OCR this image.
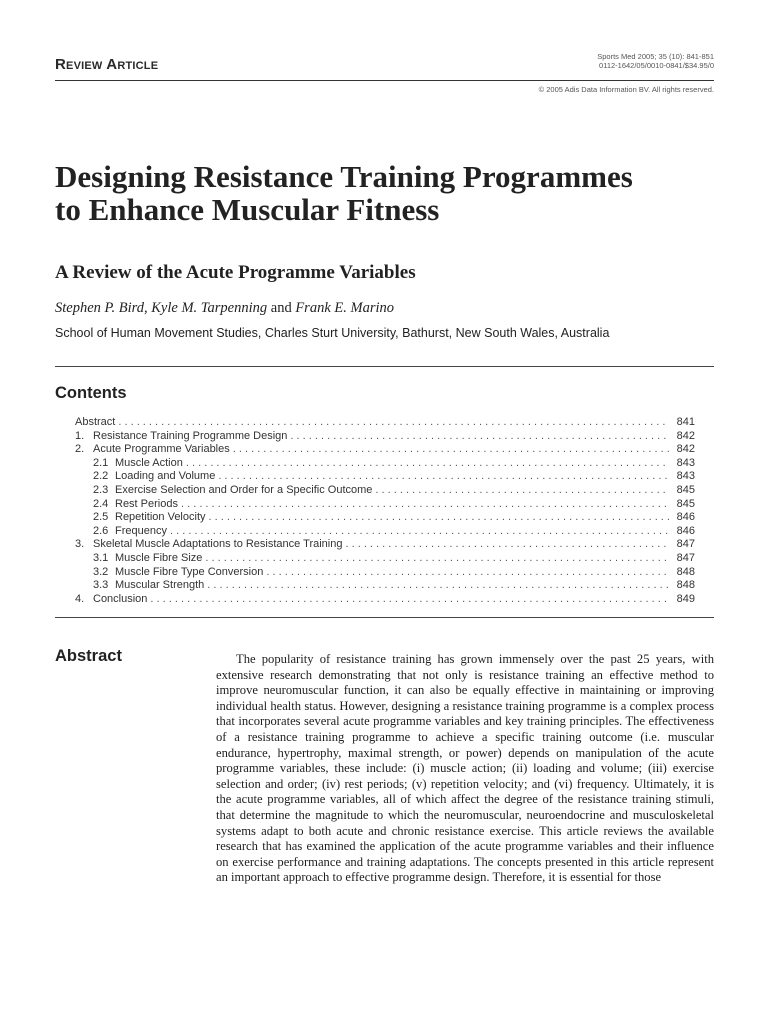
Review Article	Sports Med 2005; 35 (10): 841-851
0112-1642/05/0010-0841/$34.95/0
© 2005 Adis Data Information BV. All rights reserved.
Designing Resistance Training Programmes to Enhance Muscular Fitness
A Review of the Acute Programme Variables
Stephen P. Bird, Kyle M. Tarpenning and Frank E. Marino
School of Human Movement Studies, Charles Sturt University, Bathurst, New South Wales, Australia
Contents
Abstract . . .	841
1. Resistance Training Programme Design . . .	842
2. Acute Programme Variables . . .	842
2.1 Muscle Action . . .	843
2.2 Loading and Volume . . .	843
2.3 Exercise Selection and Order for a Specific Outcome . . .	845
2.4 Rest Periods . . .	845
2.5 Repetition Velocity . . .	846
2.6 Frequency . . .	846
3. Skeletal Muscle Adaptations to Resistance Training . . .	847
3.1 Muscle Fibre Size . . .	847
3.2 Muscle Fibre Type Conversion . . .	848
3.3 Muscular Strength . . .	848
4. Conclusion . . .	849
Abstract	The popularity of resistance training has grown immensely over the past 25 years, with extensive research demonstrating that not only is resistance training an effective method to improve neuromuscular function, it can also be equally effective in maintaining or improving individual health status. However, designing a resistance training programme is a complex process that incorporates several acute programme variables and key training principles. The effectiveness of a resistance training programme to achieve a specific training outcome (i.e. muscular endurance, hypertrophy, maximal strength, or power) depends on manipulation of the acute programme variables, these include: (i) muscle action; (ii) loading and volume; (iii) exercise selection and order; (iv) rest periods; (v) repetition velocity; and (vi) frequency. Ultimately, it is the acute programme variables, all of which affect the degree of the resistance training stimuli, that determine the magnitude to which the neuromuscular, neuroendocrine and musculoskeletal systems adapt to both acute and chronic resistance exercise. This article reviews the available research that has examined the application of the acute programme variables and their influence on exercise performance and training adaptations. The concepts presented in this article represent an important approach to effective programme design. Therefore, it is essential for those
